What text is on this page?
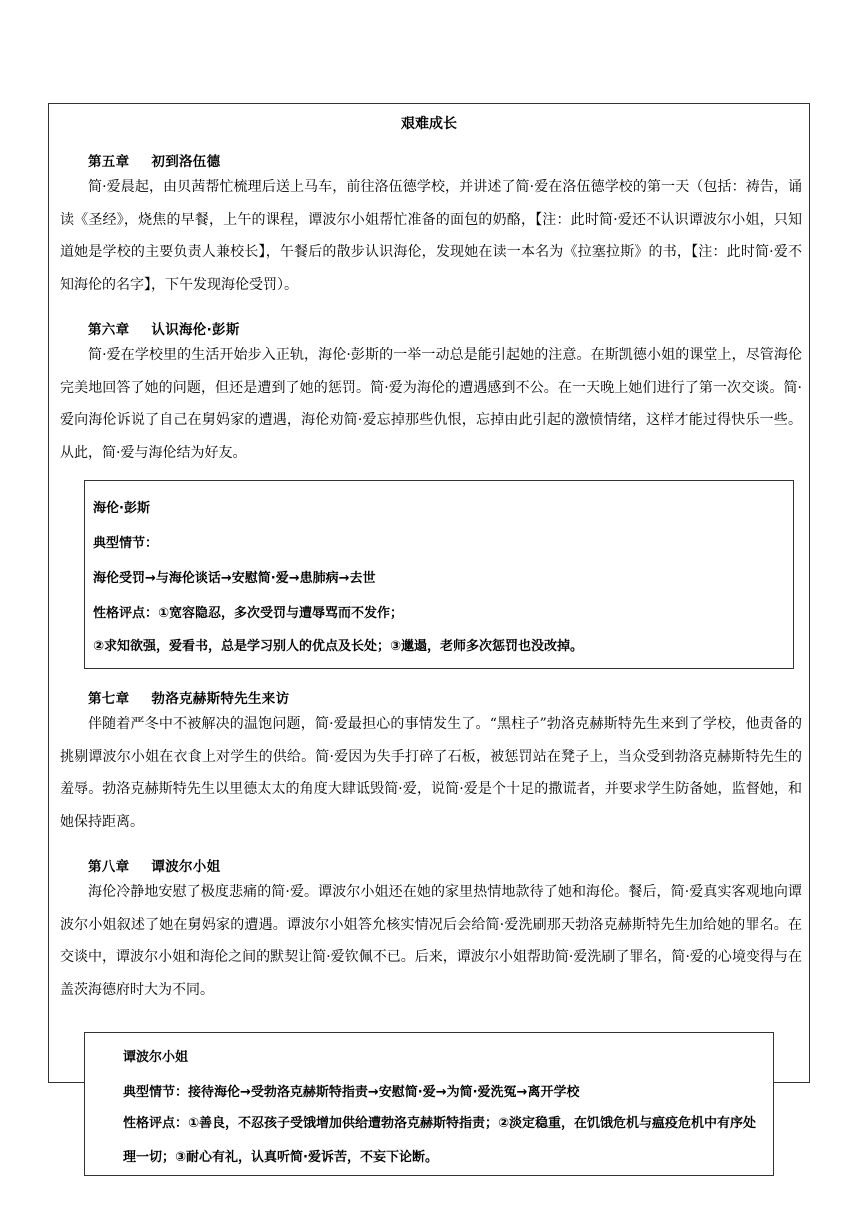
艰难成长
第五章 初到洛伍德
简·爱晨起，由贝茜帮忙梳理后送上马车，前往洛伍德学校，并讲述了简·爱在洛伍德学校的第一天（包括：祷告，诵读《圣经》，烧焦的早餐，上午的课程，谭波尔小姐帮忙准备的面包的奶酪，【注：此时简·爱还不认识谭波尔小姐，只知道她是学校的主要负责人兼校长】，午餐后的散步认识海伦，发现她在读一本名为《拉塞拉斯》的书，【注：此时简·爱不知海伦的名字】，下午发现海伦受罚）。
第六章 认识海伦·彭斯
简·爱在学校里的生活开始步入正轨，海伦·彭斯的一举一动总是能引起她的注意。在斯凯德小姐的课堂上，尽管海伦完美地回答了她的问题，但还是遭到了她的惩罚。简·爱为海伦的遭遇感到不公。在一天晚上她们进行了第一次交谈。简·爱向海伦诉说了自己在舅妈家的遭遇，海伦劝简·爱忘掉那些仇恨，忘掉由此引起的激愤情绪，这样才能过得快乐一些。从此，简·爱与海伦结为好友。
海伦·彭斯
典型情节：
海伦受罚→与海伦谈话→安慰简·爱→患肺病→去世
性格评点：①宽容隐忍，多次受罚与遭辱骂而不发作；
②求知欲强，爱看书，总是学习别人的优点及长处；③邋遢，老师多次惩罚也没改掉。
第七章 勃洛克赫斯特先生来访
伴随着严冬中不被解决的温饱问题，简·爱最担心的事情发生了。“黑柱子”勃洛克赫斯特先生来到了学校，他责备的挑剔谭波尔小姐在衣食上对学生的供给。简·爱因为失手打碎了石板，被惩罚站在凳子上，当众受到勃洛克赫斯特先生的羞辱。勃洛克赫斯特先生以里德太太的角度大肆诋毁简·爱，说简·爱是个十足的撒谎者，并要求学生防备她，监督她，和她保持距离。
第八章 谭波尔小姐
海伦冷静地安慰了极度悲痛的简·爱。谭波尔小姐还在她的家里热情地款待了她和海伦。餐后，简·爱真实客观地向谭波尔小姐叙述了她在舅妈家的遭遇。谭波尔小姐答允核实情况后会给简·爱洗刷那天勃洛克赫斯特先生加给她的罪名。在交谈中，谭波尔小姐和海伦之间的默契让简·爱钦佩不已。后来，谭波尔小姐帮助简·爱洗刷了罪名，简·爱的心境变得与在盖茨海德府时大为不同。
谭波尔小姐
典型情节：接待海伦→受勃洛克赫斯特指责→安慰简·爱→为简·爱洗冤→离开学校
性格评点：①善良，不忍孩子受饿增加供给遭勃洛克赫斯特指责；②淡定稳重，在饥饿危机与瘟疫危机中有序处理一切；③耐心有礼，认真听简·爱诉苦，不妄下论断。
